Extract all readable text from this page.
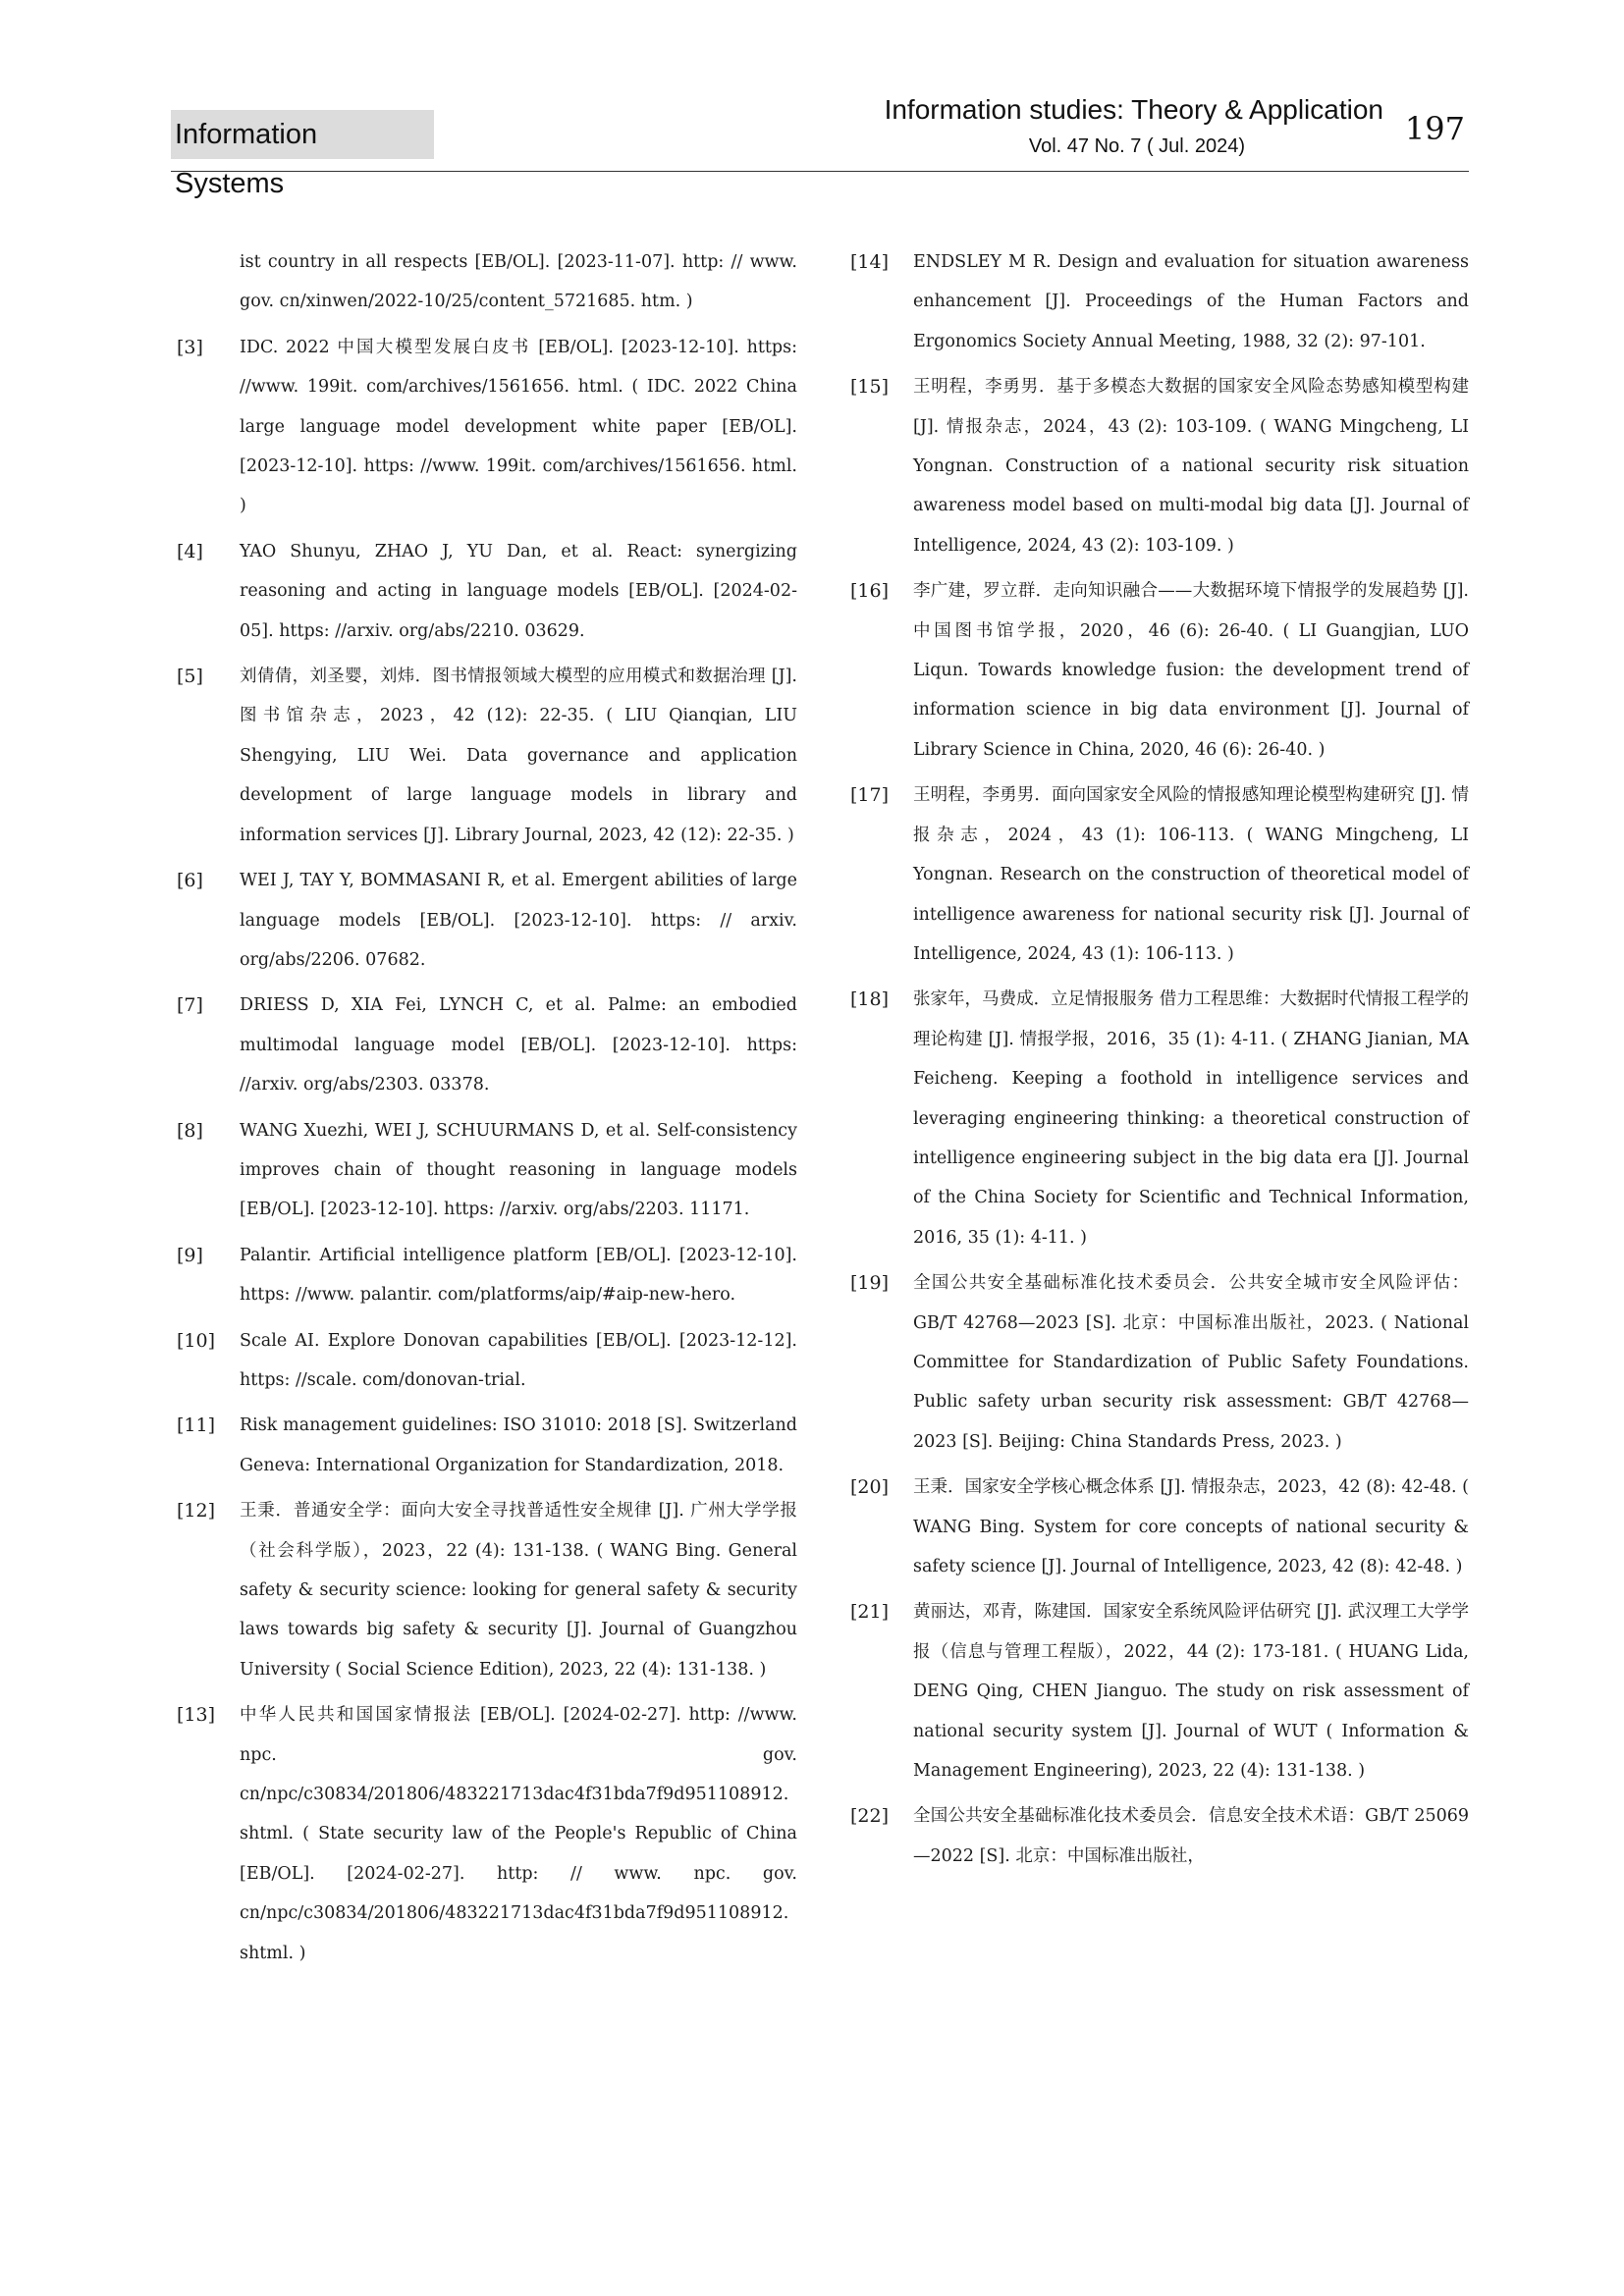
Information Systems
Information studies: Theory & Application
Vol. 47 No. 7 ( Jul. 2024)	197
ist country in all respects [EB/OL]. [2023-11-07]. http: // www. gov. cn/xinwen/2022-10/25/content_5721685. htm. )
[3]	IDC. 2022 中国大模型发展白皮书 [EB/OL]. [2023-12-10]. https: //www. 199it. com/archives/1561656. html. ( IDC. 2022 China large language model development white paper [EB/OL]. [2023-12-10]. https: //www. 199it. com/archives/1561656. html. )
[4]	YAO Shunyu, ZHAO J, YU Dan, et al. React: synergizing reasoning and acting in language models [EB/OL]. [2024-02-05]. https: //arxiv. org/abs/2210. 03629.
[5]	刘倩倩，刘圣婴，刘炜．图书情报领域大模型的应用模式和数据治理 [J]. 图书馆杂志，2023，42 (12): 22-35. ( LIU Qianqian, LIU Shengying, LIU Wei. Data governance and application development of large language models in library and information services [J]. Library Journal, 2023, 42 (12): 22-35. )
[6]	WEI J, TAY Y, BOMMASANI R, et al. Emergent abilities of large language models [EB/OL]. [2023-12-10]. https: // arxiv. org/abs/2206. 07682.
[7]	DRIESS D, XIA Fei, LYNCH C, et al. Palme: an embodied multimodal language model [EB/OL]. [2023-12-10]. https: //arxiv. org/abs/2303. 03378.
[8]	WANG Xuezhi, WEI J, SCHUURMANS D, et al. Self-consistency improves chain of thought reasoning in language models [EB/OL]. [2023-12-10]. https: //arxiv. org/abs/2203. 11171.
[9]	Palantir. Artificial intelligence platform [EB/OL]. [2023-12-10]. https: //www. palantir. com/platforms/aip/#aip-new-hero.
[10]	Scale AI. Explore Donovan capabilities [EB/OL]. [2023-12-12]. https: //scale. com/donovan-trial.
[11]	Risk management guidelines: ISO 31010: 2018 [S]. Switzerland Geneva: International Organization for Standardization, 2018.
[12]	王秉．普通安全学：面向大安全寻找普适性安全规律 [J]. 广州大学学报（社会科学版），2023，22 (4): 131-138. ( WANG Bing. General safety & security science: looking for general safety & security laws towards big safety & security [J]. Journal of Guangzhou University ( Social Science Edition), 2023, 22 (4): 131-138. )
[13]	中华人民共和国国家情报法 [EB/OL]. [2024-02-27]. http: //www. npc. gov. cn/npc/c30834/201806/483221713dac4f31bda7f9d951108912. shtml. ( State security law of the People's Republic of China [EB/OL]. [2024-02-27]. http: // www. npc. gov. cn/npc/c30834/201806/483221713dac4f31bda7f9d951108912. shtml. )
[14]	ENDSLEY M R. Design and evaluation for situation awareness enhancement [J]. Proceedings of the Human Factors and Ergonomics Society Annual Meeting, 1988, 32 (2): 97-101.
[15]	王明程，李勇男．基于多模态大数据的国家安全风险态势感知模型构建 [J]. 情报杂志，2024，43 (2): 103-109. ( WANG Mingcheng, LI Yongnan. Construction of a national security risk situation awareness model based on multi-modal big data [J]. Journal of Intelligence, 2024, 43 (2): 103-109. )
[16]	李广建，罗立群．走向知识融合——大数据环境下情报学的发展趋势 [J]. 中国图书馆学报，2020，46 (6): 26-40. ( LI Guangjian, LUO Liqun. Towards knowledge fusion: the development trend of information science in big data environment [J]. Journal of Library Science in China, 2020, 46 (6): 26-40. )
[17]	王明程，李勇男．面向国家安全风险的情报感知理论模型构建研究 [J]. 情报杂志，2024，43 (1): 106-113. ( WANG Mingcheng, LI Yongnan. Research on the construction of theoretical model of intelligence awareness for national security risk [J]. Journal of Intelligence, 2024, 43 (1): 106-113. )
[18]	张家年，马费成．立足情报服务 借力工程思维：大数据时代情报工程学的理论构建 [J]. 情报学报，2016，35 (1): 4-11. ( ZHANG Jianian, MA Feicheng. Keeping a foothold in intelligence services and leveraging engineering thinking: a theoretical construction of intelligence engineering subject in the big data era [J]. Journal of the China Society for Scientific and Technical Information, 2016, 35 (1): 4-11. )
[19]	全国公共安全基础标准化技术委员会．公共安全城市安全风险评估：GB/T 42768—2023 [S]. 北京：中国标准出版社，2023. ( National Committee for Standardization of Public Safety Foundations. Public safety urban security risk assessment: GB/T 42768—2023 [S]. Beijing: China Standards Press, 2023. )
[20]	王秉．国家安全学核心概念体系 [J]. 情报杂志，2023，42 (8): 42-48. ( WANG Bing. System for core concepts of national security & safety science [J]. Journal of Intelligence, 2023, 42 (8): 42-48. )
[21]	黄丽达，邓青，陈建国．国家安全系统风险评估研究 [J]. 武汉理工大学学报（信息与管理工程版），2022，44 (2): 173-181. ( HUANG Lida, DENG Qing, CHEN Jianguo. The study on risk assessment of national security system [J]. Journal of WUT ( Information & Management Engineering), 2023, 22 (4): 131-138. )
[22]	全国公共安全基础标准化技术委员会．信息安全技术术语：GB/T 25069—2022 [S]. 北京：中国标准出版社，
